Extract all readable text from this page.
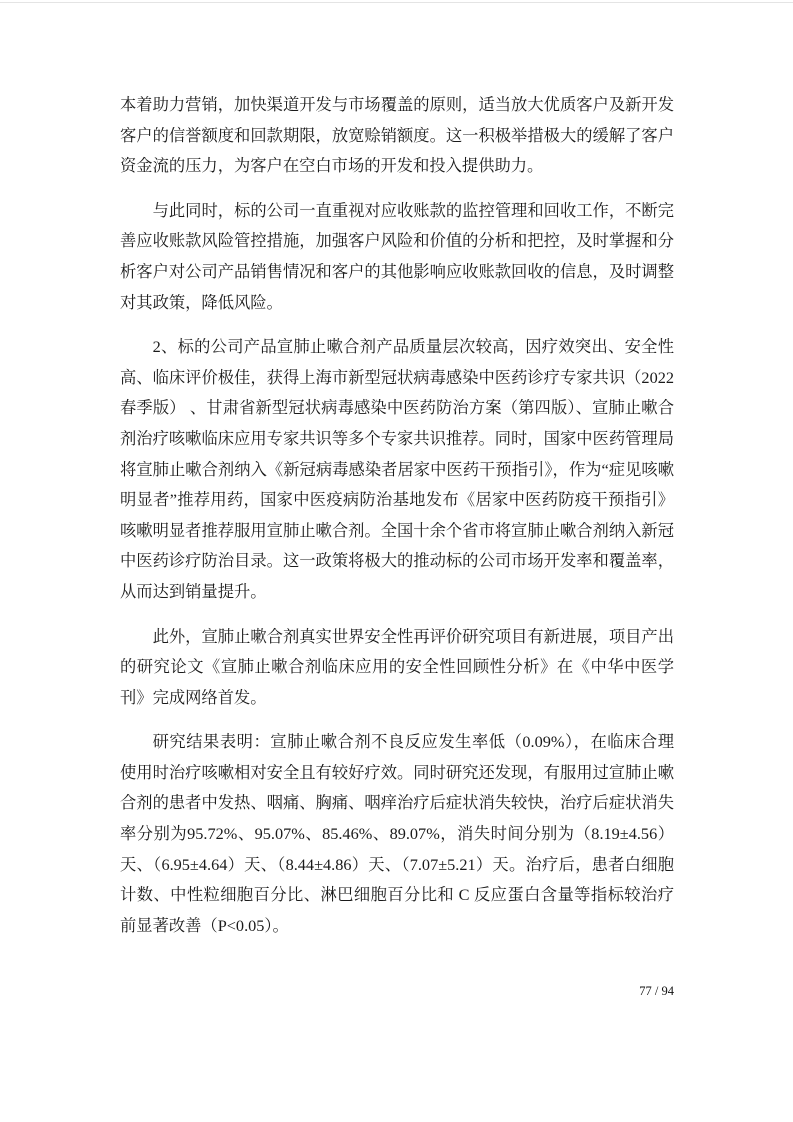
本着助力营销，加快渠道开发与市场覆盖的原则，适当放大优质客户及新开发客户的信誉额度和回款期限，放宽赊销额度。这一积极举措极大的缓解了客户资金流的压力，为客户在空白市场的开发和投入提供助力。

与此同时，标的公司一直重视对应收账款的监控管理和回收工作，不断完善应收账款风险管控措施，加强客户风险和价值的分析和把控，及时掌握和分析客户对公司产品销售情况和客户的其他影响应收账款回收的信息，及时调整对其政策，降低风险。

2、标的公司产品宣肺止嗽合剂产品质量层次较高，因疗效突出、安全性高、临床评价极佳，获得上海市新型冠状病毒感染中医药诊疗专家共识（2022 春季版） 、甘肃省新型冠状病毒感染中医药防治方案（第四版）、宣肺止嗽合剂治疗咳嗽临床应用专家共识等多个专家共识推荐。同时，国家中医药管理局将宣肺止嗽合剂纳入《新冠病毒感染者居家中医药干预指引》，作为“症见咳嗽明显者”推荐用药，国家中医疫病防治基地发布《居家中医药防疫干预指引》咳嗽明显者推荐服用宣肺止嗽合剂。全国十余个省市将宣肺止嗽合剂纳入新冠中医药诊疗防治目录。这一政策将极大的推动标的公司市场开发率和覆盖率，从而达到销量提升。

此外，宣肺止嗽合剂真实世界安全性再评价研究项目有新进展，项目产出的研究论文《宣肺止嗽合剂临床应用的安全性回顾性分析》在《中华中医学刊》完成网络首发。

研究结果表明：宣肺止嗽合剂不良反应发生率低（0.09%），在临床合理使用时治疗咳嗽相对安全且有较好疗效。同时研究还发现，有服用过宣肺止嗽合剂的患者中发热、咽痛、胸痛、咽痒治疗后症状消失较快，治疗后症状消失率分别为95.72%、95.07%、85.46%、89.07%，消失时间分别为（8.19±4.56）天、（6.95±4.64）天、（8.44±4.86）天、（7.07±5.21）天。治疗后，患者白细胞计数、中性粒细胞百分比、淋巴细胞百分比和 C 反应蛋白含量等指标较治疗前显著改善（P<0.05）。

77 / 94
